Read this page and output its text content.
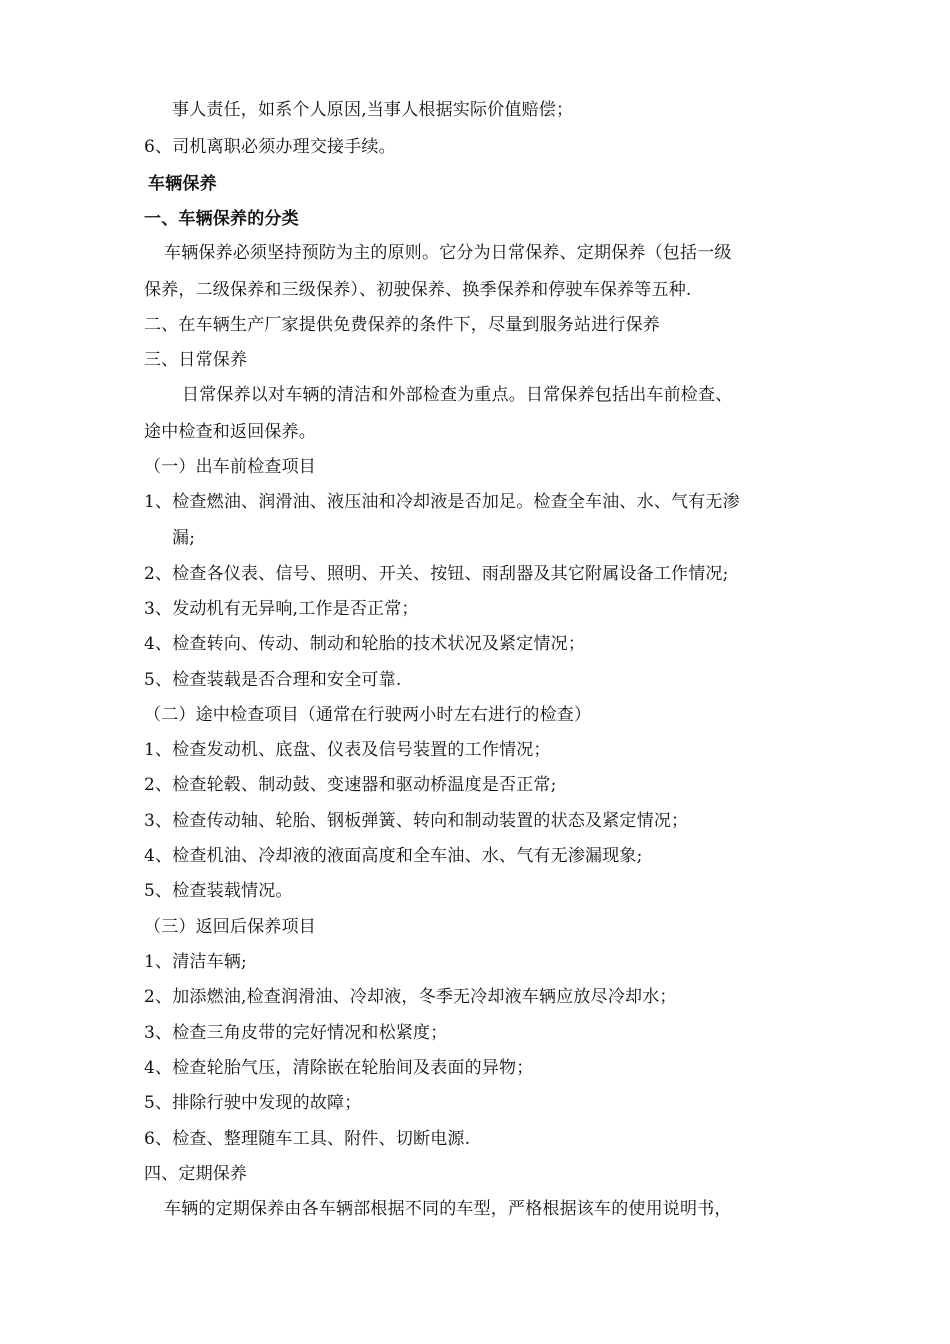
事人责任，如系个人原因,当事人根据实际价值赔偿；
6、司机离职必须办理交接手续。
车辆保养
一、车辆保养的分类
车辆保养必须坚持预防为主的原则。它分为日常保养、定期保养（包括一级
保养，二级保养和三级保养）、初驶保养、换季保养和停驶车保养等五种.
二、在车辆生产厂家提供免费保养的条件下，尽量到服务站进行保养
三、日常保养
日常保养以对车辆的清洁和外部检查为重点。日常保养包括出车前检查、
途中检查和返回保养。
（一）出车前检查项目
1、检查燃油、润滑油、液压油和冷却液是否加足。检查全车油、水、气有无渗
漏;
2、检查各仪表、信号、照明、开关、按钮、雨刮器及其它附属设备工作情况;
3、发动机有无异响,工作是否正常；
4、检查转向、传动、制动和轮胎的技术状况及紧定情况；
5、检查装载是否合理和安全可靠.
（二）途中检查项目（通常在行驶两小时左右进行的检查）
1、检查发动机、底盘、仪表及信号装置的工作情况；
2、检查轮毂、制动鼓、变速器和驱动桥温度是否正常;
3、检查传动轴、轮胎、钢板弹簧、转向和制动装置的状态及紧定情况；
4、检查机油、冷却液的液面高度和全车油、水、气有无渗漏现象;
5、检查装载情况。
（三）返回后保养项目
1、清洁车辆;
2、加添燃油,检查润滑油、冷却液，冬季无冷却液车辆应放尽冷却水；
3、检查三角皮带的完好情况和松紧度；
4、检查轮胎气压，清除嵌在轮胎间及表面的异物；
5、排除行驶中发现的故障；
6、检查、整理随车工具、附件、切断电源.
四、定期保养
车辆的定期保养由各车辆部根据不同的车型，严格根据该车的使用说明书，
